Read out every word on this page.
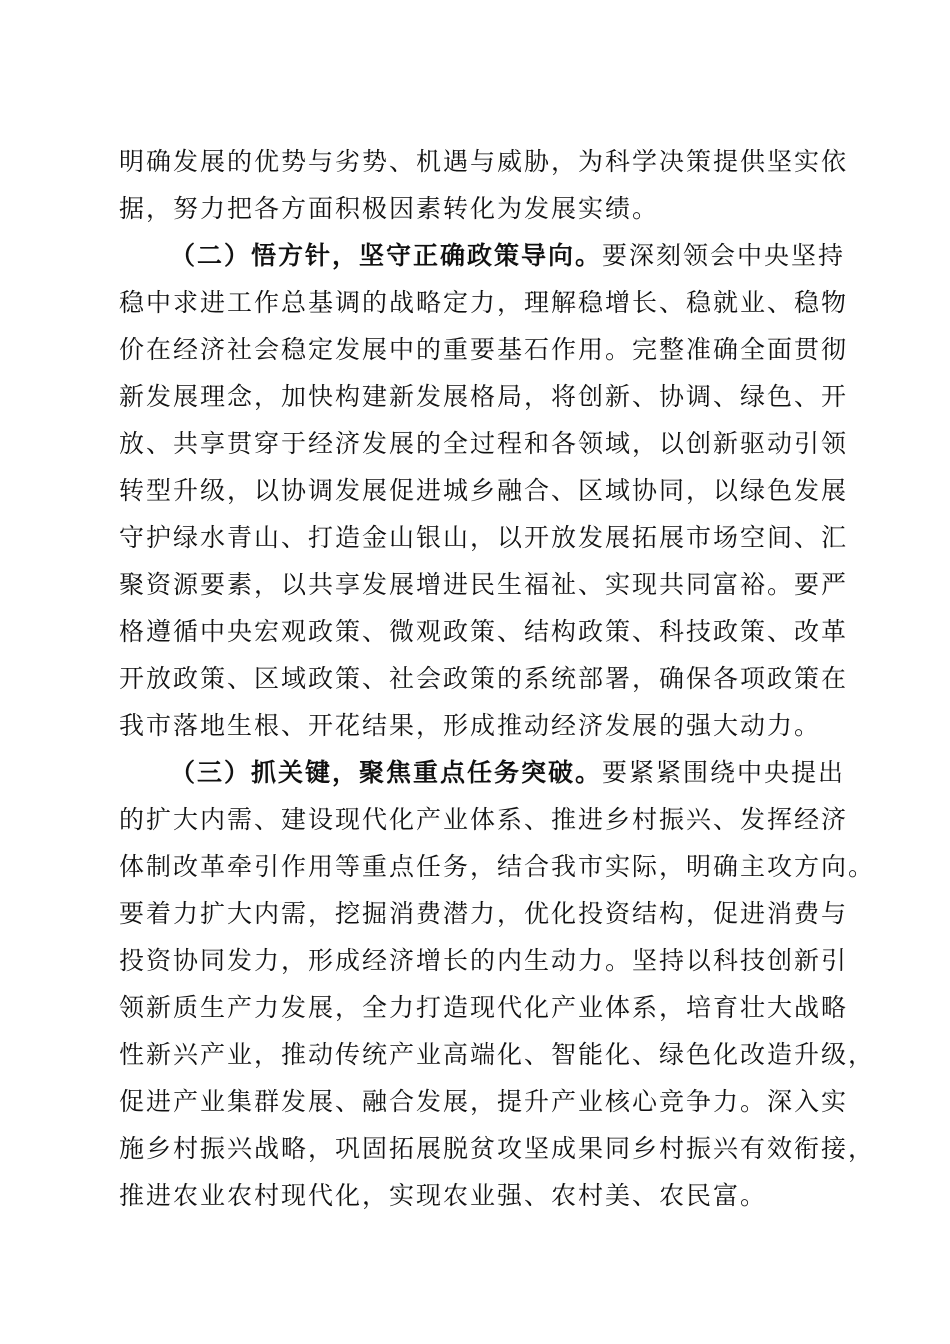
明确发展的优势与劣势、机遇与威胁，为科学决策提供坚实依
据，努力把各方面积极因素转化为发展实绩。
（二）悟方针，坚守正确政策导向。要深刻领会中央坚持
稳中求进工作总基调的战略定力，理解稳增长、稳就业、稳物
价在经济社会稳定发展中的重要基石作用。完整准确全面贯彻
新发展理念，加快构建新发展格局，将创新、协调、绿色、开
放、共享贯穿于经济发展的全过程和各领域，以创新驱动引领
转型升级，以协调发展促进城乡融合、区域协同，以绿色发展
守护绿水青山、打造金山银山，以开放发展拓展市场空间、汇
聚资源要素，以共享发展增进民生福祉、实现共同富裕。要严
格遵循中央宏观政策、微观政策、结构政策、科技政策、改革
开放政策、区域政策、社会政策的系统部署，确保各项政策在
我市落地生根、开花结果，形成推动经济发展的强大动力。
（三）抓关键，聚焦重点任务突破。要紧紧围绕中央提出
的扩大内需、建设现代化产业体系、推进乡村振兴、发挥经济
体制改革牵引作用等重点任务，结合我市实际，明确主攻方向。
要着力扩大内需，挖掘消费潜力，优化投资结构，促进消费与
投资协同发力，形成经济增长的内生动力。坚持以科技创新引
领新质生产力发展，全力打造现代化产业体系，培育壮大战略
性新兴产业，推动传统产业高端化、智能化、绿色化改造升级，
促进产业集群发展、融合发展，提升产业核心竞争力。深入实
施乡村振兴战略，巩固拓展脱贫攻坚成果同乡村振兴有效衔接，
推进农业农村现代化，实现农业强、农村美、农民富。
